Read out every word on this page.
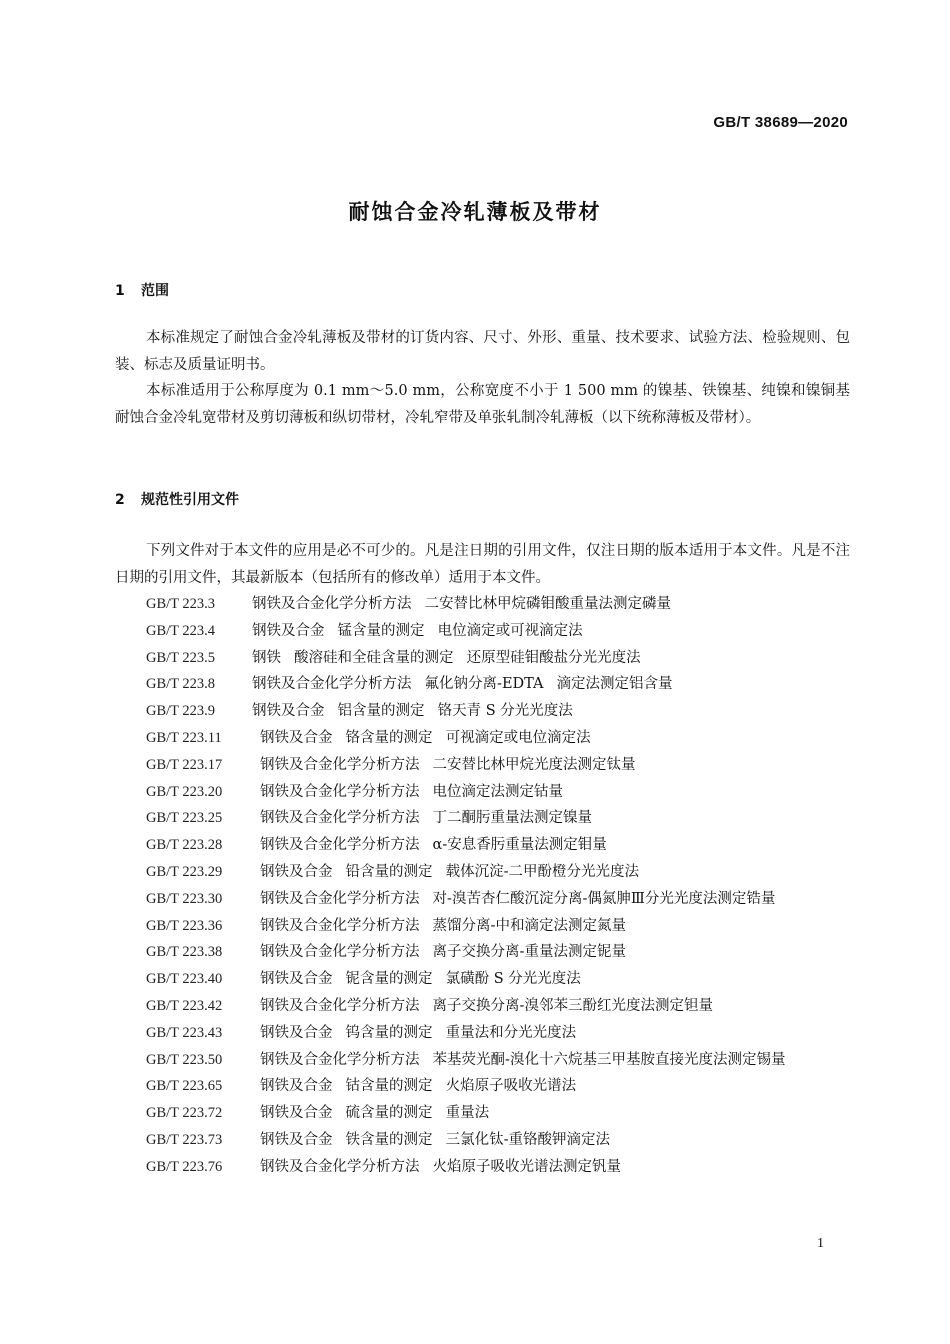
GB/T 38689—2020
耐蚀合金冷轧薄板及带材
1 范围

本标准规定了耐蚀合金冷轧薄板及带材的订货内容、尺寸、外形、重量、技术要求、试验方法、检验规则、包装、标志及质量证明书。

本标准适用于公称厚度为 0.1 mm～5.0 mm，公称宽度不小于 1 500 mm 的镍基、铁镍基、纯镍和镍铜基耐蚀合金冷轧宽带材及剪切薄板和纵切带材，冷轧窄带及单张轧制冷轧薄板（以下统称薄板及带材）。

2 规范性引用文件

下列文件对于本文件的应用是必不可少的。凡是注日期的引用文件，仅注日期的版本适用于本文件。凡是不注日期的引用文件，其最新版本（包括所有的修改单）适用于本文件。

GB/T 223.3	钢铁及合金化学分析方法 二安替比林甲烷磷钼酸重量法测定磷量
GB/T 223.4	钢铁及合金 锰含量的测定 电位滴定或可视滴定法
GB/T 223.5	钢铁 酸溶硅和全硅含量的测定 还原型硅钼酸盐分光光度法
GB/T 223.8	钢铁及合金化学分析方法 氟化钠分离-EDTA 滴定法测定铝含量
GB/T 223.9	钢铁及合金 铝含量的测定 铬天青 S 分光光度法
GB/T 223.11	钢铁及合金 铬含量的测定 可视滴定或电位滴定法
GB/T 223.17	钢铁及合金化学分析方法 二安替比林甲烷光度法测定钛量
GB/T 223.20	钢铁及合金化学分析方法 电位滴定法测定钴量
GB/T 223.25	钢铁及合金化学分析方法 丁二酮肟重量法测定镍量
GB/T 223.28	钢铁及合金化学分析方法 α-安息香肟重量法测定钼量
GB/T 223.29	钢铁及合金 铅含量的测定 载体沉淀-二甲酚橙分光光度法
GB/T 223.30	钢铁及合金化学分析方法 对-溴苦杏仁酸沉淀分离-偶氮胂Ⅲ分光光度法测定锆量
GB/T 223.36	钢铁及合金化学分析方法 蒸馏分离-中和滴定法测定氮量
GB/T 223.38	钢铁及合金化学分析方法 离子交换分离-重量法测定铌量
GB/T 223.40	钢铁及合金 铌含量的测定 氯磺酚 S 分光光度法
GB/T 223.42	钢铁及合金化学分析方法 离子交换分离-溴邻苯三酚红光度法测定钽量
GB/T 223.43	钢铁及合金 钨含量的测定 重量法和分光光度法
GB/T 223.50	钢铁及合金化学分析方法 苯基荧光酮-溴化十六烷基三甲基胺直接光度法测定锡量
GB/T 223.65	钢铁及合金 钴含量的测定 火焰原子吸收光谱法
GB/T 223.72	钢铁及合金 硫含量的测定 重量法
GB/T 223.73	钢铁及合金 铁含量的测定 三氯化钛-重铬酸钾滴定法
GB/T 223.76	钢铁及合金化学分析方法 火焰原子吸收光谱法测定钒量
1
